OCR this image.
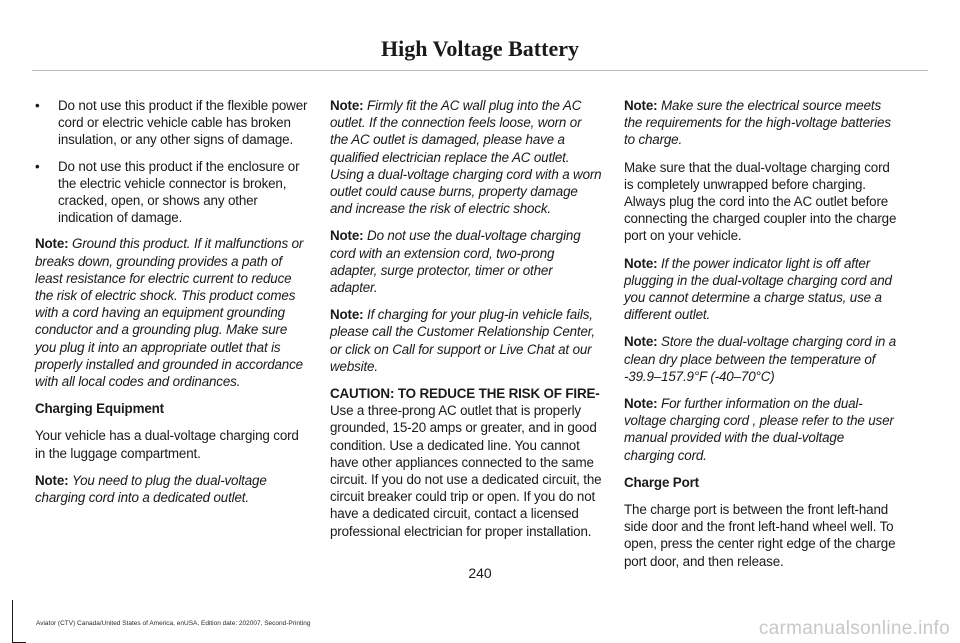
High Voltage Battery
• Do not use this product if the flexible power cord or electric vehicle cable has broken insulation, or any other signs of damage.
• Do not use this product if the enclosure or the electric vehicle connector is broken, cracked, open, or shows any other indication of damage.

Note: Ground this product. If it malfunctions or breaks down, grounding provides a path of least resistance for electric current to reduce the risk of electric shock. This product comes with a cord having an equipment grounding conductor and a grounding plug. Make sure you plug it into an appropriate outlet that is properly installed and grounded in accordance with all local codes and ordinances.

Charging Equipment

Your vehicle has a dual-voltage charging cord in the luggage compartment.

Note: You need to plug the dual-voltage charging cord into a dedicated outlet.

Note: Firmly fit the AC wall plug into the AC outlet. If the connection feels loose, worn or the AC outlet is damaged, please have a qualified electrician replace the AC outlet. Using a dual-voltage charging cord with a worn outlet could cause burns, property damage and increase the risk of electric shock.

Note: Do not use the dual-voltage charging cord with an extension cord, two-prong adapter, surge protector, timer or other adapter.

Note: If charging for your plug-in vehicle fails, please call the Customer Relationship Center, or click on Call for support or Live Chat at our website.

CAUTION: TO REDUCE THE RISK OF FIRE- Use a three-prong AC outlet that is properly grounded, 15-20 amps or greater, and in good condition. Use a dedicated line. You cannot have other appliances connected to the same circuit. If you do not use a dedicated circuit, the circuit breaker could trip or open. If you do not have a dedicated circuit, contact a licensed professional electrician for proper installation.

Note: Make sure the electrical source meets the requirements for the high-voltage batteries to charge.

Make sure that the dual-voltage charging cord is completely unwrapped before charging. Always plug the cord into the AC outlet before connecting the charged coupler into the charge port on your vehicle.

Note: If the power indicator light is off after plugging in the dual-voltage charging cord and you cannot determine a charge status, use a different outlet.

Note: Store the dual-voltage charging cord in a clean dry place between the temperature of -39.9–157.9°F (-40–70°C)

Note: For further information on the dual-voltage charging cord , please refer to the user manual provided with the dual-voltage charging cord.

Charge Port

The charge port is between the front left-hand side door and the front left-hand wheel well. To open, press the center right edge of the charge port door, and then release.

240
Aviator (CTV) Canada/United States of America, enUSA, Edition date: 202007, Second-Printing	carmanualsonline.info
